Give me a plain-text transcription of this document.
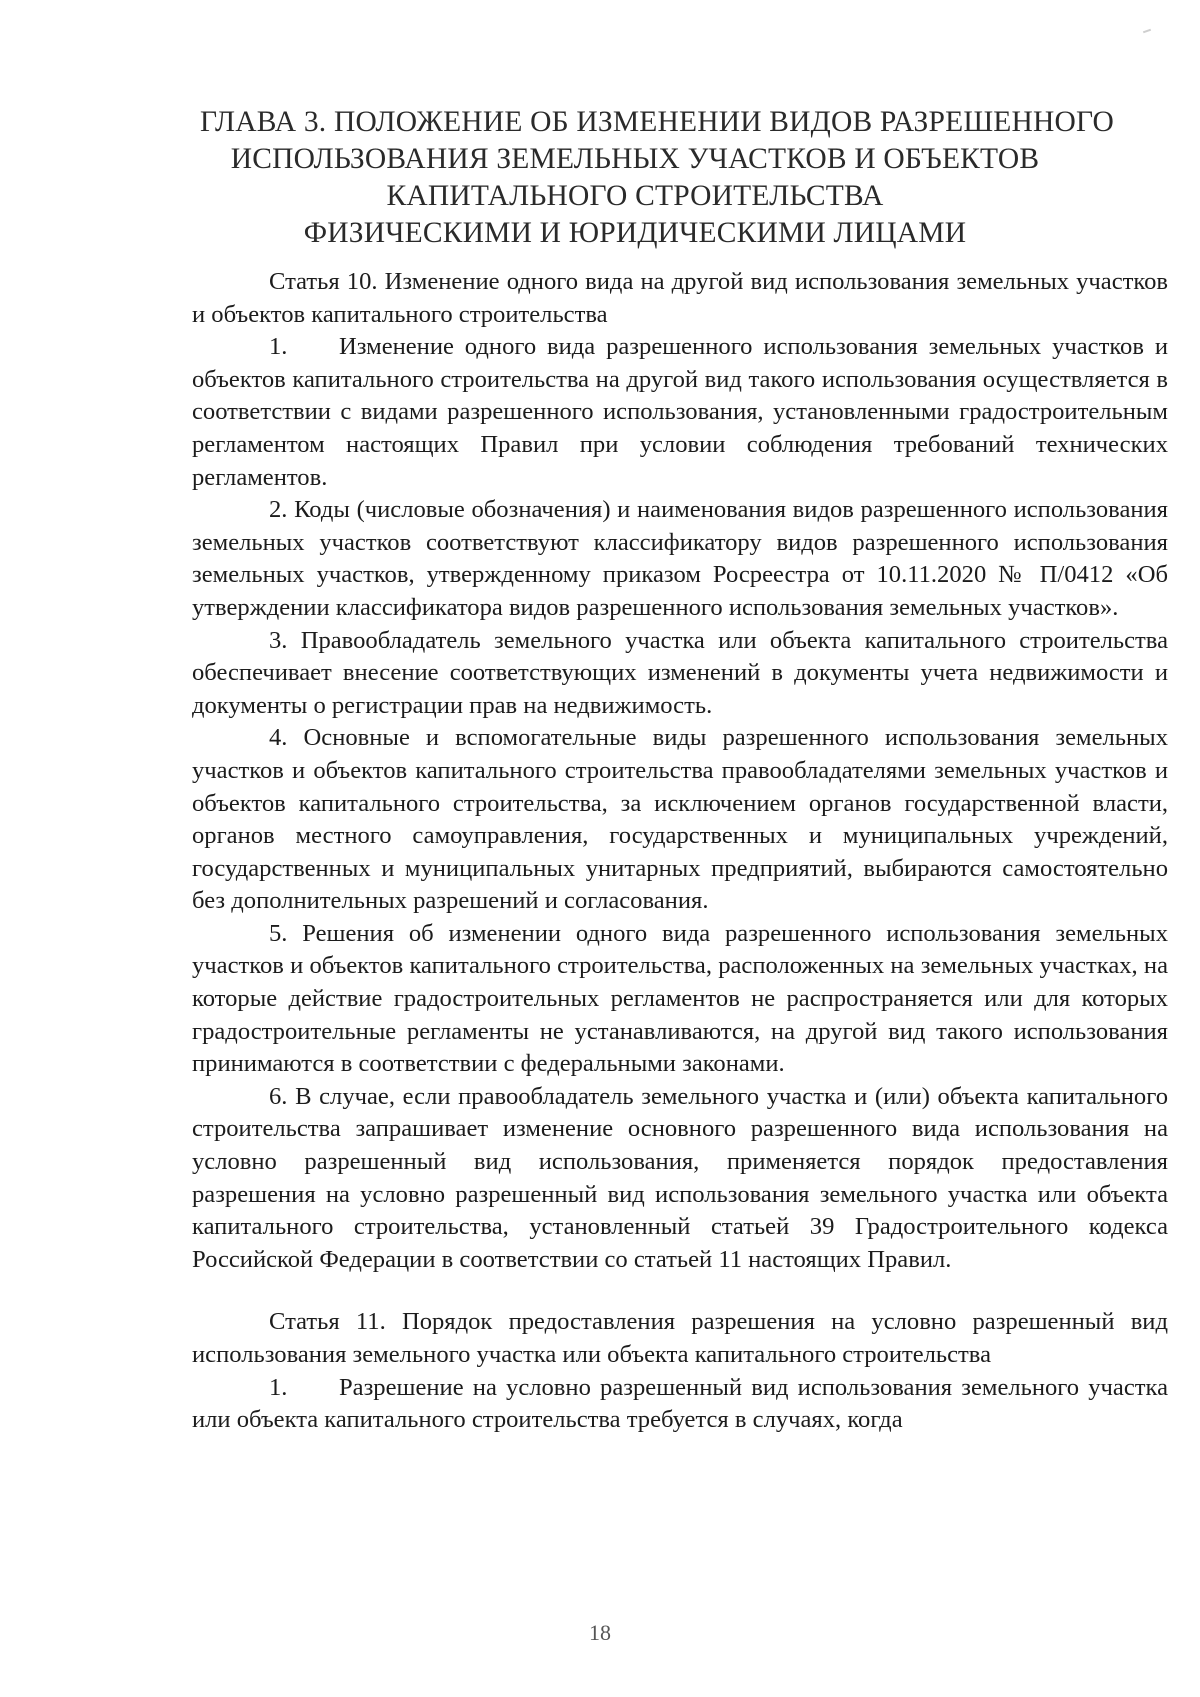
ГЛАВА 3. ПОЛОЖЕНИЕ ОБ ИЗМЕНЕНИИ ВИДОВ РАЗРЕШЕННОГО
ИСПОЛЬЗОВАНИЯ ЗЕМЕЛЬНЫХ УЧАСТКОВ И ОБЪЕКТОВ
КАПИТАЛЬНОГО СТРОИТЕЛЬСТВА
ФИЗИЧЕСКИМИ И ЮРИДИЧЕСКИМИ ЛИЦАМИ

Статья 10. Изменение одного вида на другой вид использования земельных участков и объектов капитального строительства

1. Изменение одного вида разрешенного использования земельных участков и объектов капитального строительства на другой вид такого использования осуществляется в соответствии с видами разрешенного использования, установленными градостроительным регламентом настоящих Правил при условии соблюдения требований технических регламентов.

2. Коды (числовые обозначения) и наименования видов разрешенного использования земельных участков соответствуют классификатору видов разрешенного использования земельных участков, утвержденному приказом Росреестра от 10.11.2020 № П/0412 «Об утверждении классификатора видов разрешенного использования земельных участков».

3. Правообладатель земельного участка или объекта капитального строительства обеспечивает внесение соответствующих изменений в документы учета недвижимости и документы о регистрации прав на недвижимость.

4. Основные и вспомогательные виды разрешенного использования земельных участков и объектов капитального строительства правообладателями земельных участков и объектов капитального строительства, за исключением органов государственной власти, органов местного самоуправления, государственных и муниципальных учреждений, государственных и муниципальных унитарных предприятий, выбираются самостоятельно без дополнительных разрешений и согласования.

5. Решения об изменении одного вида разрешенного использования земельных участков и объектов капитального строительства, расположенных на земельных участках, на которые действие градостроительных регламентов не распространяется или для которых градостроительные регламенты не устанавливаются, на другой вид такого использования принимаются в соответствии с федеральными законами.

6. В случае, если правообладатель земельного участка и (или) объекта капитального строительства запрашивает изменение основного разрешенного вида использования на условно разрешенный вид использования, применяется порядок предоставления разрешения на условно разрешенный вид использования земельного участка или объекта капитального строительства, установленный статьей 39 Градостроительного кодекса Российской Федерации в соответствии со статьей 11 настоящих Правил.

Статья 11. Порядок предоставления разрешения на условно разрешенный вид использования земельного участка или объекта капитального строительства

1. Разрешение на условно разрешенный вид использования земельного участка или объекта капитального строительства требуется в случаях, когда

18
